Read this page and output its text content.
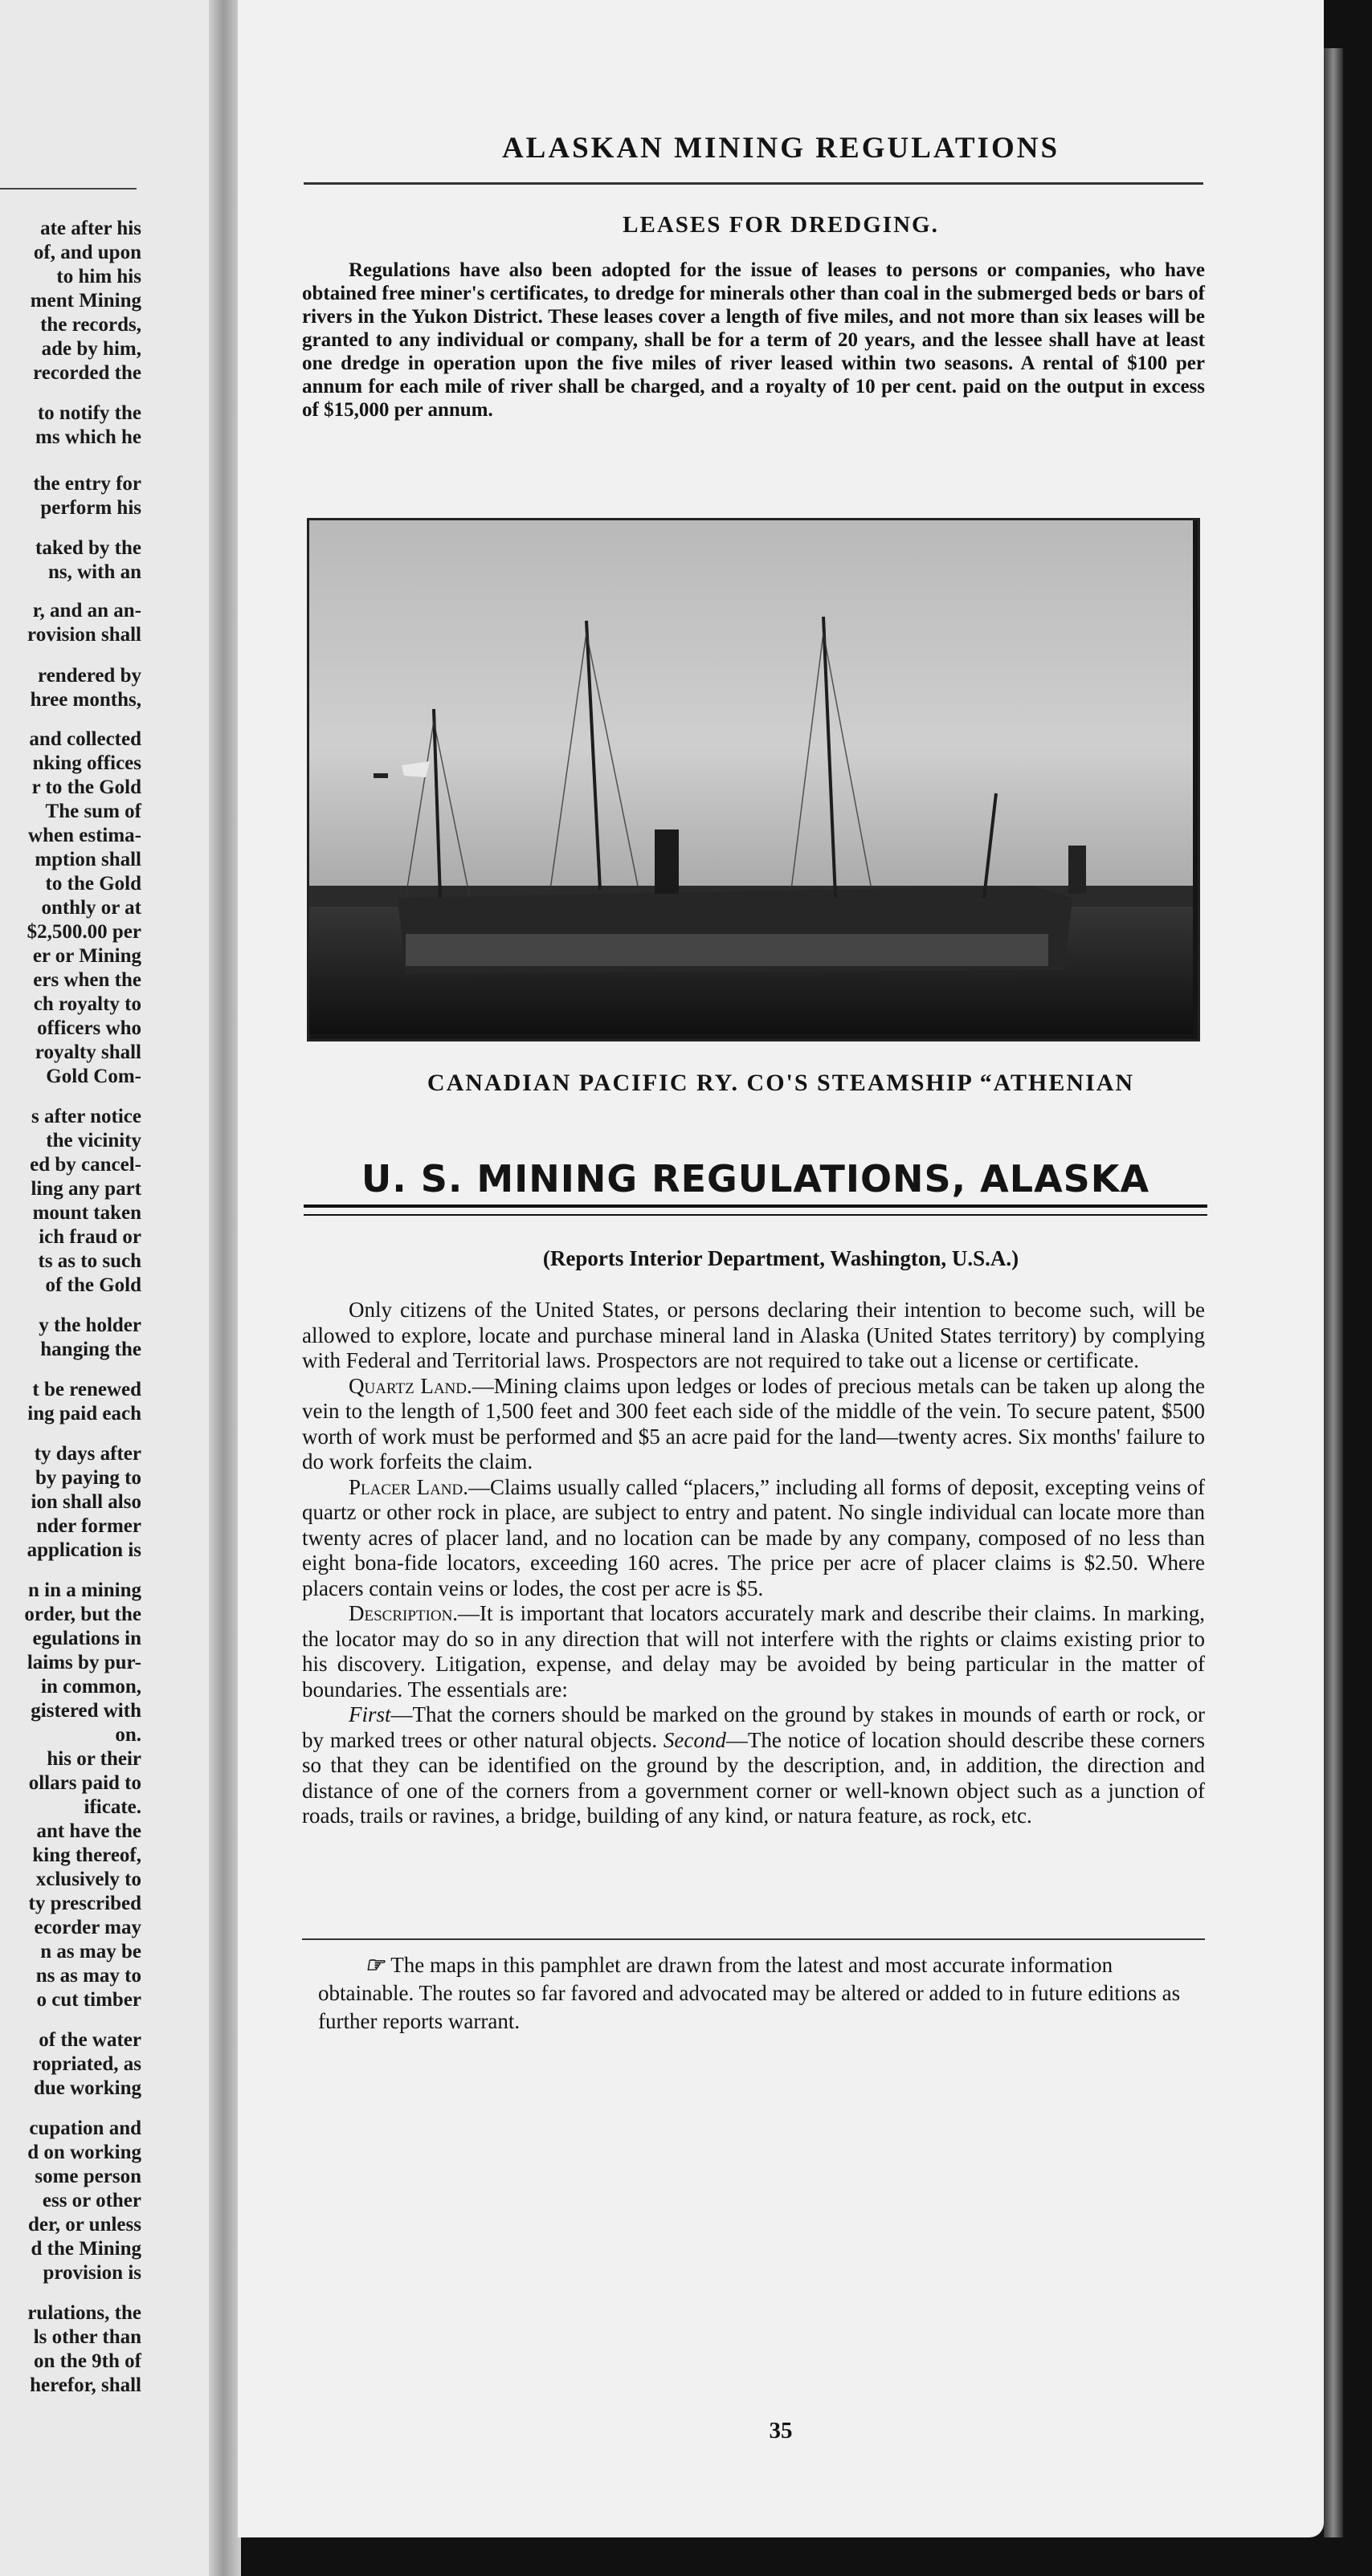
ate after his
of, and upon
to him his
ment Mining
the records,
ade by him,
recorded the
to notify the
ms which he
the entry for
perform his
taked by the
ns, with an
r, and an an-
rovision shall
rendered by
hree months,
and collected
nking offices
r to the Gold
The sum of
when estima-
mption shall
to the Gold
onthly or at
$2,500.00 per
er or Mining
ers when the
ch royalty to
officers who
royalty shall
Gold Com-
s after notice
the vicinity
ed by cancel-
ling any part
mount taken
ich fraud or
ts as to such
of the Gold
y the holder
hanging the
t be renewed
ing paid each
ty days after
by paying to
ion shall also
nder former
application is
n in a mining
order, but the
egulations in
laims by pur-
in common,
gistered with
on.
his or their
ollars paid to
ificate.
ant have the
king thereof,
xclusively to
ty prescribed
ecorder may
n as may be
ns as may to
o cut timber
of the water
ropriated, as
due working
cupation and
d on working
some person
ess or other
der, or unless
d the Mining
provision is
rulations, the
ls other than
on the 9th of
herefor, shall
ALASKAN MINING REGULATIONS
LEASES FOR DREDGING.

Regulations have also been adopted for the issue of leases to persons or companies, who have obtained free miner's certificates, to dredge for minerals other than coal in the submerged beds or bars of rivers in the Yukon District. These leases cover a length of five miles, and not more than six leases will be granted to any individual or company, shall be for a term of 20 years, and the lessee shall have at least one dredge in operation upon the five miles of river leased within two seasons. A rental of $100 per annum for each mile of river shall be charged, and a royalty of 10 per cent. paid on the output in excess of $15,000 per annum.

CANADIAN PACIFIC RY. CO'S STEAMSHIP “ATHENIAN
U. S. MINING REGULATIONS, ALASKA
(Reports Interior Department, Washington, U.S.A.)
Only citizens of the United States, or persons declaring their intention to become such, will be allowed to explore, locate and purchase mineral land in Alaska (United States territory) by complying with Federal and Territorial laws. Prospectors are not required to take out a license or certificate.
Quartz Land.—Mining claims upon ledges or lodes of precious metals can be taken up along the vein to the length of 1,500 feet and 300 feet each side of the middle of the vein. To secure patent, $500 worth of work must be performed and $5 an acre paid for the land—twenty acres. Six months' failure to do work forfeits the claim.
Placer Land.—Claims usually called “placers,” including all forms of deposit, excepting veins of quartz or other rock in place, are subject to entry and patent. No single individual can locate more than twenty acres of placer land, and no location can be made by any company, composed of no less than eight bona-fide locators, exceeding 160 acres. The price per acre of placer claims is $2.50. Where placers contain veins or lodes, the cost per acre is $5.
Description.—It is important that locators accurately mark and describe their claims. In marking, the locator may do so in any direction that will not interfere with the rights or claims existing prior to his discovery. Litigation, expense, and delay may be avoided by being particular in the matter of boundaries. The essentials are:
First—That the corners should be marked on the ground by stakes in mounds of earth or rock, or by marked trees or other natural objects. Second—The notice of location should describe these corners so that they can be identified on the ground by the description, and, in addition, the direction and distance of one of the corners from a government corner or well-known object such as a junction of roads, trails or ravines, a bridge, building of any kind, or natura feature, as rock, etc.

☞ The maps in this pamphlet are drawn from the latest and most accurate information obtainable. The routes so far favored and advocated may be altered or added to in future editions as further reports warrant.

35
